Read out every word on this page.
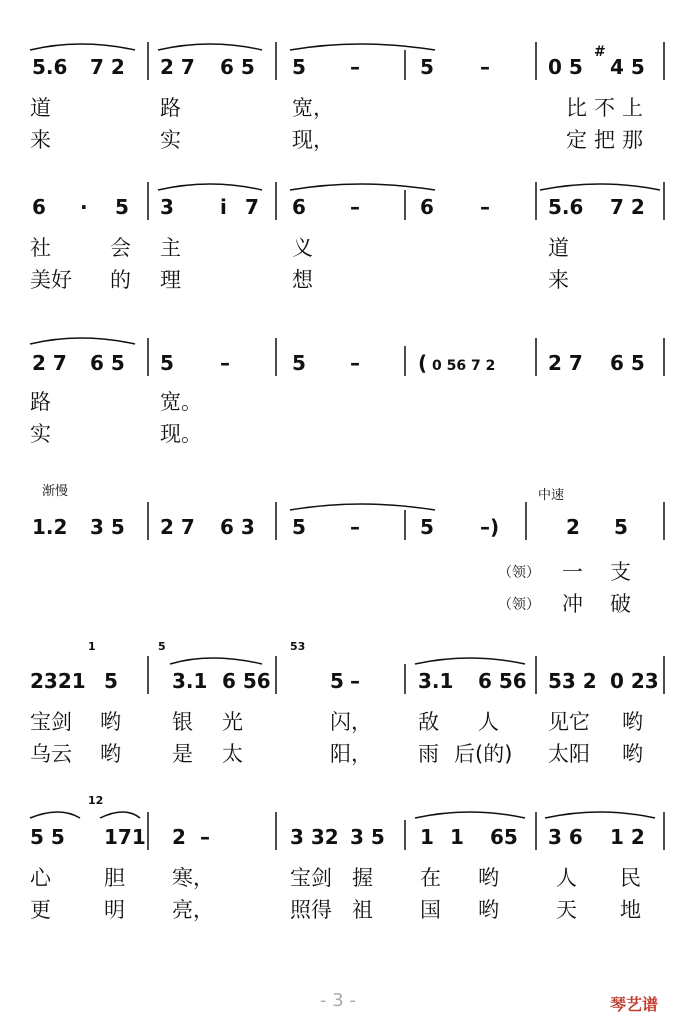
5.6 7 2 2 7 6 5 5 –	5 –	0 5 4 5
6 · 5 3 i 7 6 –	6 –	5.6 7 2
2 7 6 5 5 –	5 –	( 0 56 7 2	2 7 6 5
1.2 3 5 2 7 6 3 5 –	5 –)	2 5
2321 5	3.1 6 56	5 –	3.1 6 56 53 2 0 23
5 5 171 2 –	3 32 3 5 1 1 65 3 6 1 2
1	5	53
12
#
渐慢	中速
道	路	宽，	比 不 上
来	实	现，	定 把 那
社	会 主	义	道
美好 的 理	想	来
路	宽。
实	现。
（领） 一 支
（领） 冲 破
宝剑 哟 银 光	闪， 敌 人 见它 哟
乌云 哟 是 太	阳， 雨 后(的) 太阳 哟
心	胆 寒，	宝剑 握 在 哟	人 民
更	明 亮，	照得 祖 国 哟	天 地
- 3 -	琴艺谱
